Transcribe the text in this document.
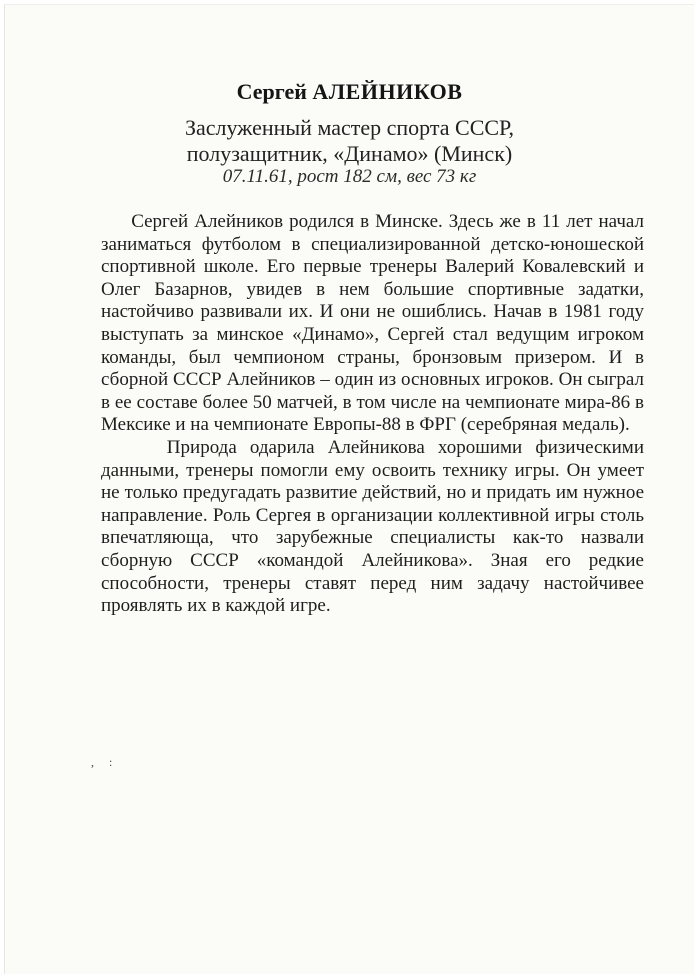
Сергей АЛЕЙНИКОВ
Заслуженный мастер спорта СССР,
полузащитник, «Динамо» (Минск)
07.11.61, рост 182 см, вес 73 кг

Сергей Алейников родился в Минске. Здесь же в 11 лет начал заниматься футболом в специализированной детско-юношеской спортивной школе. Его первые тренеры Валерий Ковалевский и Олег Базарнов, увидев в нем большие спортивные задатки, настойчиво развивали их. И они не ошиблись. Начав в 1981 году выступать за минское «Динамо», Сергей стал ведущим игроком команды, был чемпионом страны, бронзовым призером. И в сборной СССР Алейников – один из основных игроков. Он сыграл в ее составе более 50 матчей, в том числе на чемпионате мира-86 в Мексике и на чемпионате Европы-88 в ФРГ (серебряная медаль).

Природа одарила Алейникова хорошими физическими данными, тренеры помогли ему освоить технику игры. Он умеет не только предугадать развитие действий, но и придать им нужное направление. Роль Сергея в организации коллективной игры столь впечатляюща, что зарубежные специалисты как-то назвали сборную СССР «командой Алейникова». Зная его редкие способности, тренеры ставят перед ним задачу настойчивее проявлять их в каждой игре.

, :
